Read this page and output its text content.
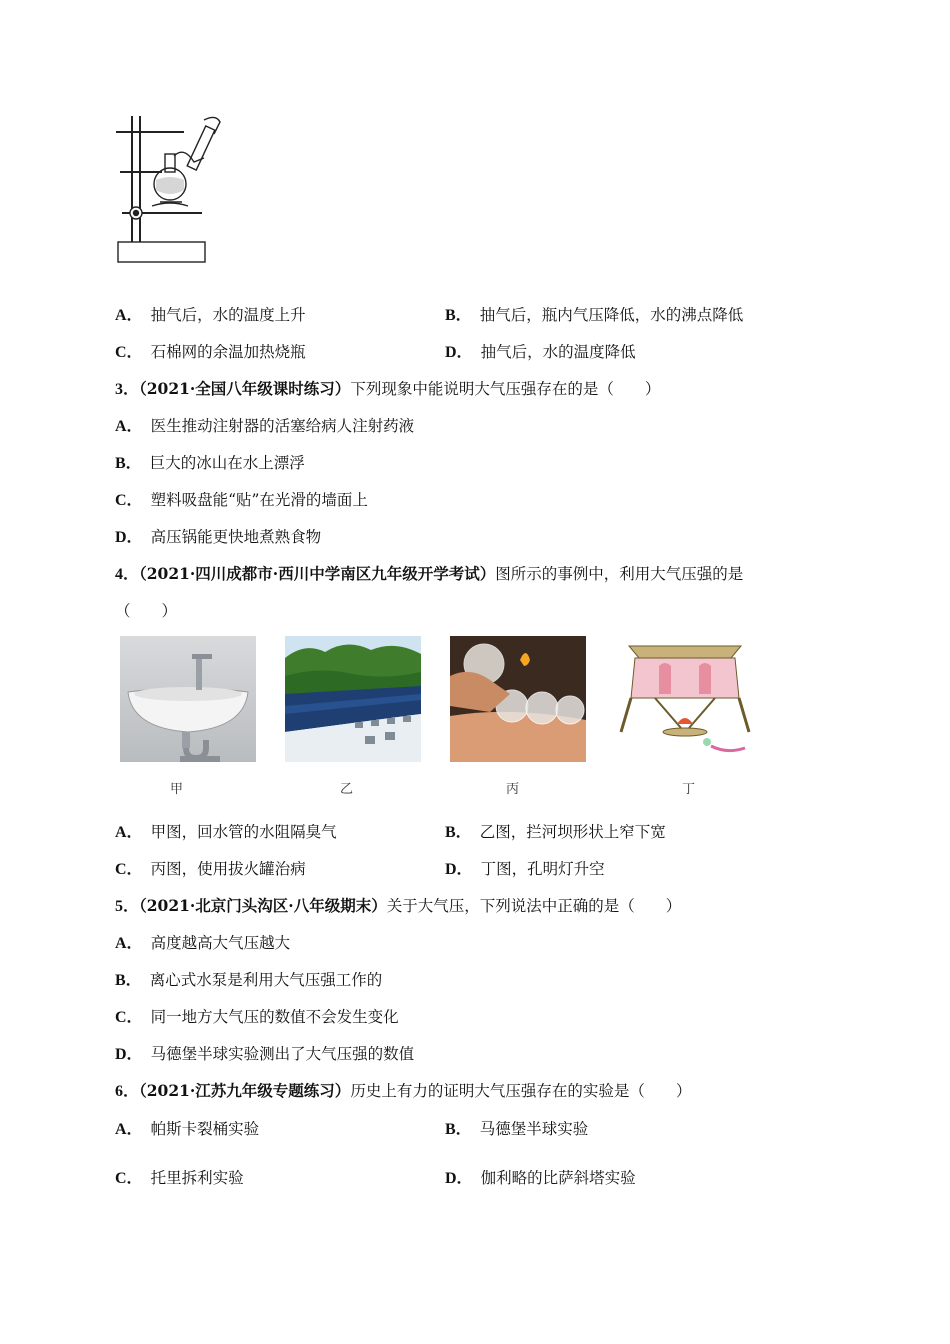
A． 抽气后，水的温度上升	B． 抽气后，瓶内气压降低，水的沸点降低
C． 石棉网的余温加热烧瓶	D． 抽气后，水的温度降低
3．（2021·全国八年级课时练习）下列现象中能说明大气压强存在的是（　　）
A． 医生推动注射器的活塞给病人注射药液
B． 巨大的冰山在水上漂浮
C． 塑料吸盘能“贴”在光滑的墙面上
D． 高压锅能更快地煮熟食物
4．（2021·四川成都市·西川中学南区九年级开学考试）图所示的事例中，利用大气压强的是
（　　）
甲	乙	丙	丁
A． 甲图，回水管的水阻隔臭气	B． 乙图，拦河坝形状上窄下宽
C． 丙图，使用拔火罐治病	D． 丁图，孔明灯升空
5．（2021·北京门头沟区·八年级期末）关于大气压，下列说法中正确的是（　　）
A． 高度越高大气压越大
B． 离心式水泵是利用大气压强工作的
C． 同一地方大气压的数值不会发生变化
D． 马德堡半球实验测出了大气压强的数值
6．（2021·江苏九年级专题练习）历史上有力的证明大气压强存在的实验是（　　）
A． 帕斯卡裂桶实验	B． 马德堡半球实验
C． 托里拆利实验	D． 伽利略的比萨斜塔实验
